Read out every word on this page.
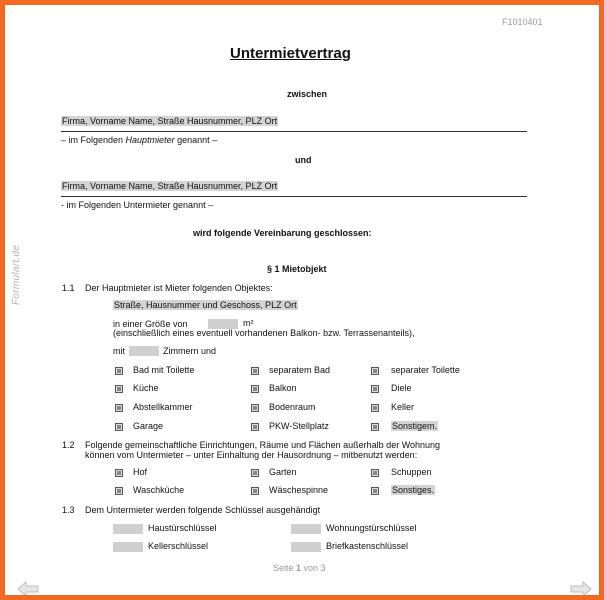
F1010401
Formulart.de
Untermietvertrag
zwischen
Firma, Vorname Name, Straße Hausnummer, PLZ Ort
– im Folgenden Hauptmieter genannt –
und
Firma, Vorname Name, Straße Hausnummer, PLZ Ort
- im Folgenden Untermieter genannt –
wird folgende Vereinbarung geschlossen:
§ 1 Mietobjekt
1.1 Der Hauptmieter ist Mieter folgenden Objektes:
Straße, Hausnummer und Geschoss, PLZ Ort
in einer Größe von	m²
(einschließlich eines eventuell vorhandenen Balkon- bzw. Terrassenanteils),
mit	Zimmern und
Bad mit Toilette	separatem Bad	separater Toilette
Küche	Balkon	Diele
Abstellkammer	Bodenraum	Keller
Garage	PKW-Stellplatz	Sonstigem.
1.2 Folgende gemeinschaftliche Einrichtungen, Räume und Flächen außerhalb der Wohnung
können vom Untermieter – unter Einhaltung der Hausordnung – mitbenutzt werden:
Hof	Garten	Schuppen
Waschküche	Wäschespinne	Sonstiges.
1.3 Dem Untermieter werden folgende Schlüssel ausgehändigt
Haustürschlüssel	Wohnungstürschlüssel
Kellerschlüssel	Briefkastenschlüssel
Seite 1 von 3
